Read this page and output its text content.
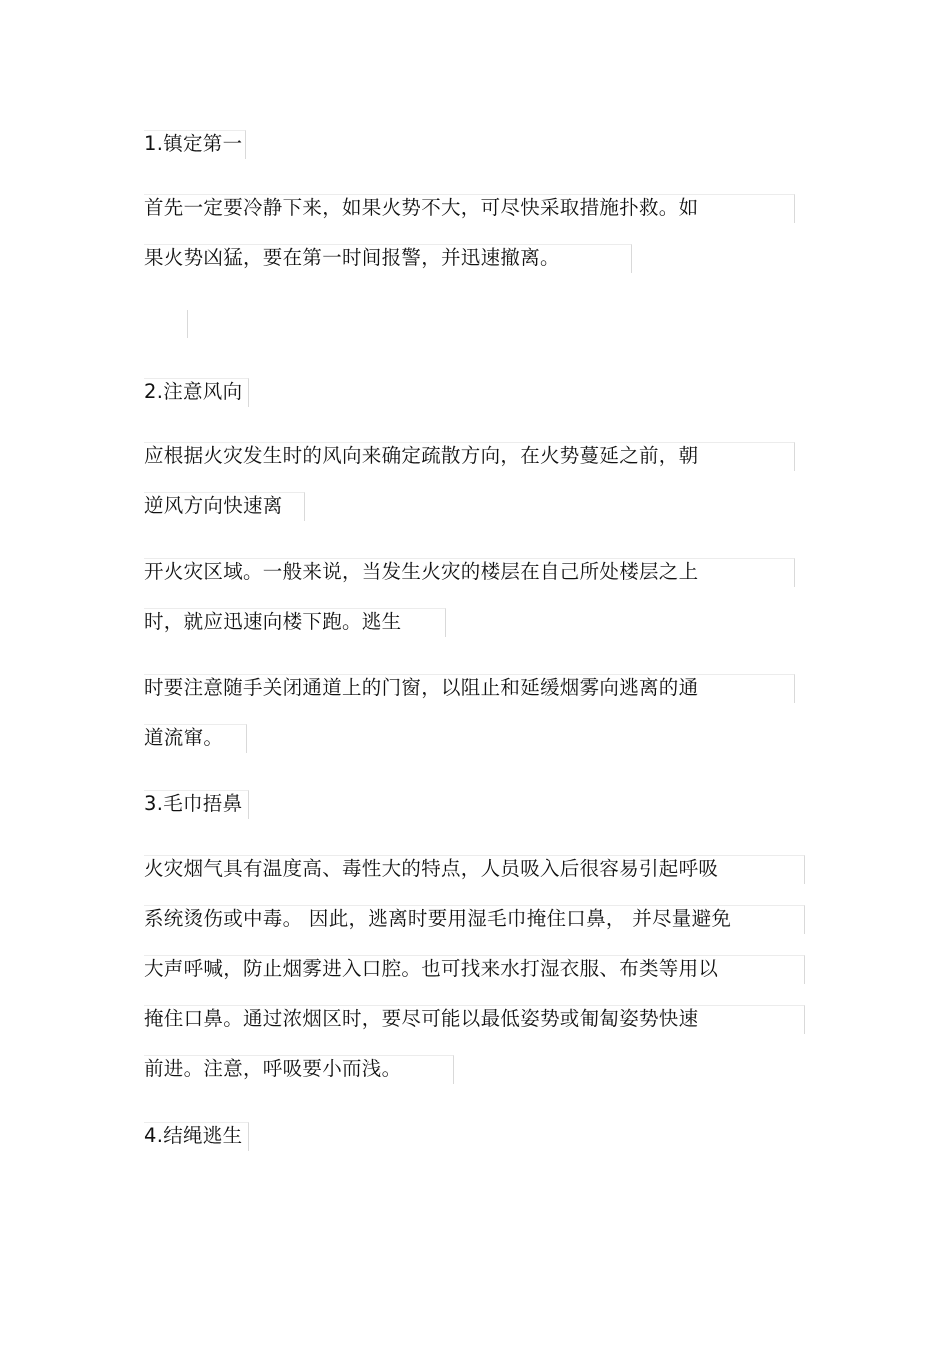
1.镇定第一
首先一定要冷静下来，如果火势不大，可尽快采取措施扑救。如
果火势凶猛，要在第一时间报警，并迅速撤离。
2.注意风向
应根据火灾发生时的风向来确定疏散方向，在火势蔓延之前，朝
逆风方向快速离
开火灾区域。一般来说，当发生火灾的楼层在自己所处楼层之上
时，就应迅速向楼下跑。逃生
时要注意随手关闭通道上的门窗，以阻止和延缓烟雾向逃离的通
道流窜。
3.毛巾捂鼻
火灾烟气具有温度高、毒性大的特点，人员吸入后很容易引起呼吸
系统烫伤或中毒。 因此，逃离时要用湿毛巾掩住口鼻， 并尽量避免
大声呼喊，防止烟雾进入口腔。也可找来水打湿衣服、布类等用以
掩住口鼻。通过浓烟区时，要尽可能以最低姿势或匍匐姿势快速
前进。注意，呼吸要小而浅。
4.结绳逃生
